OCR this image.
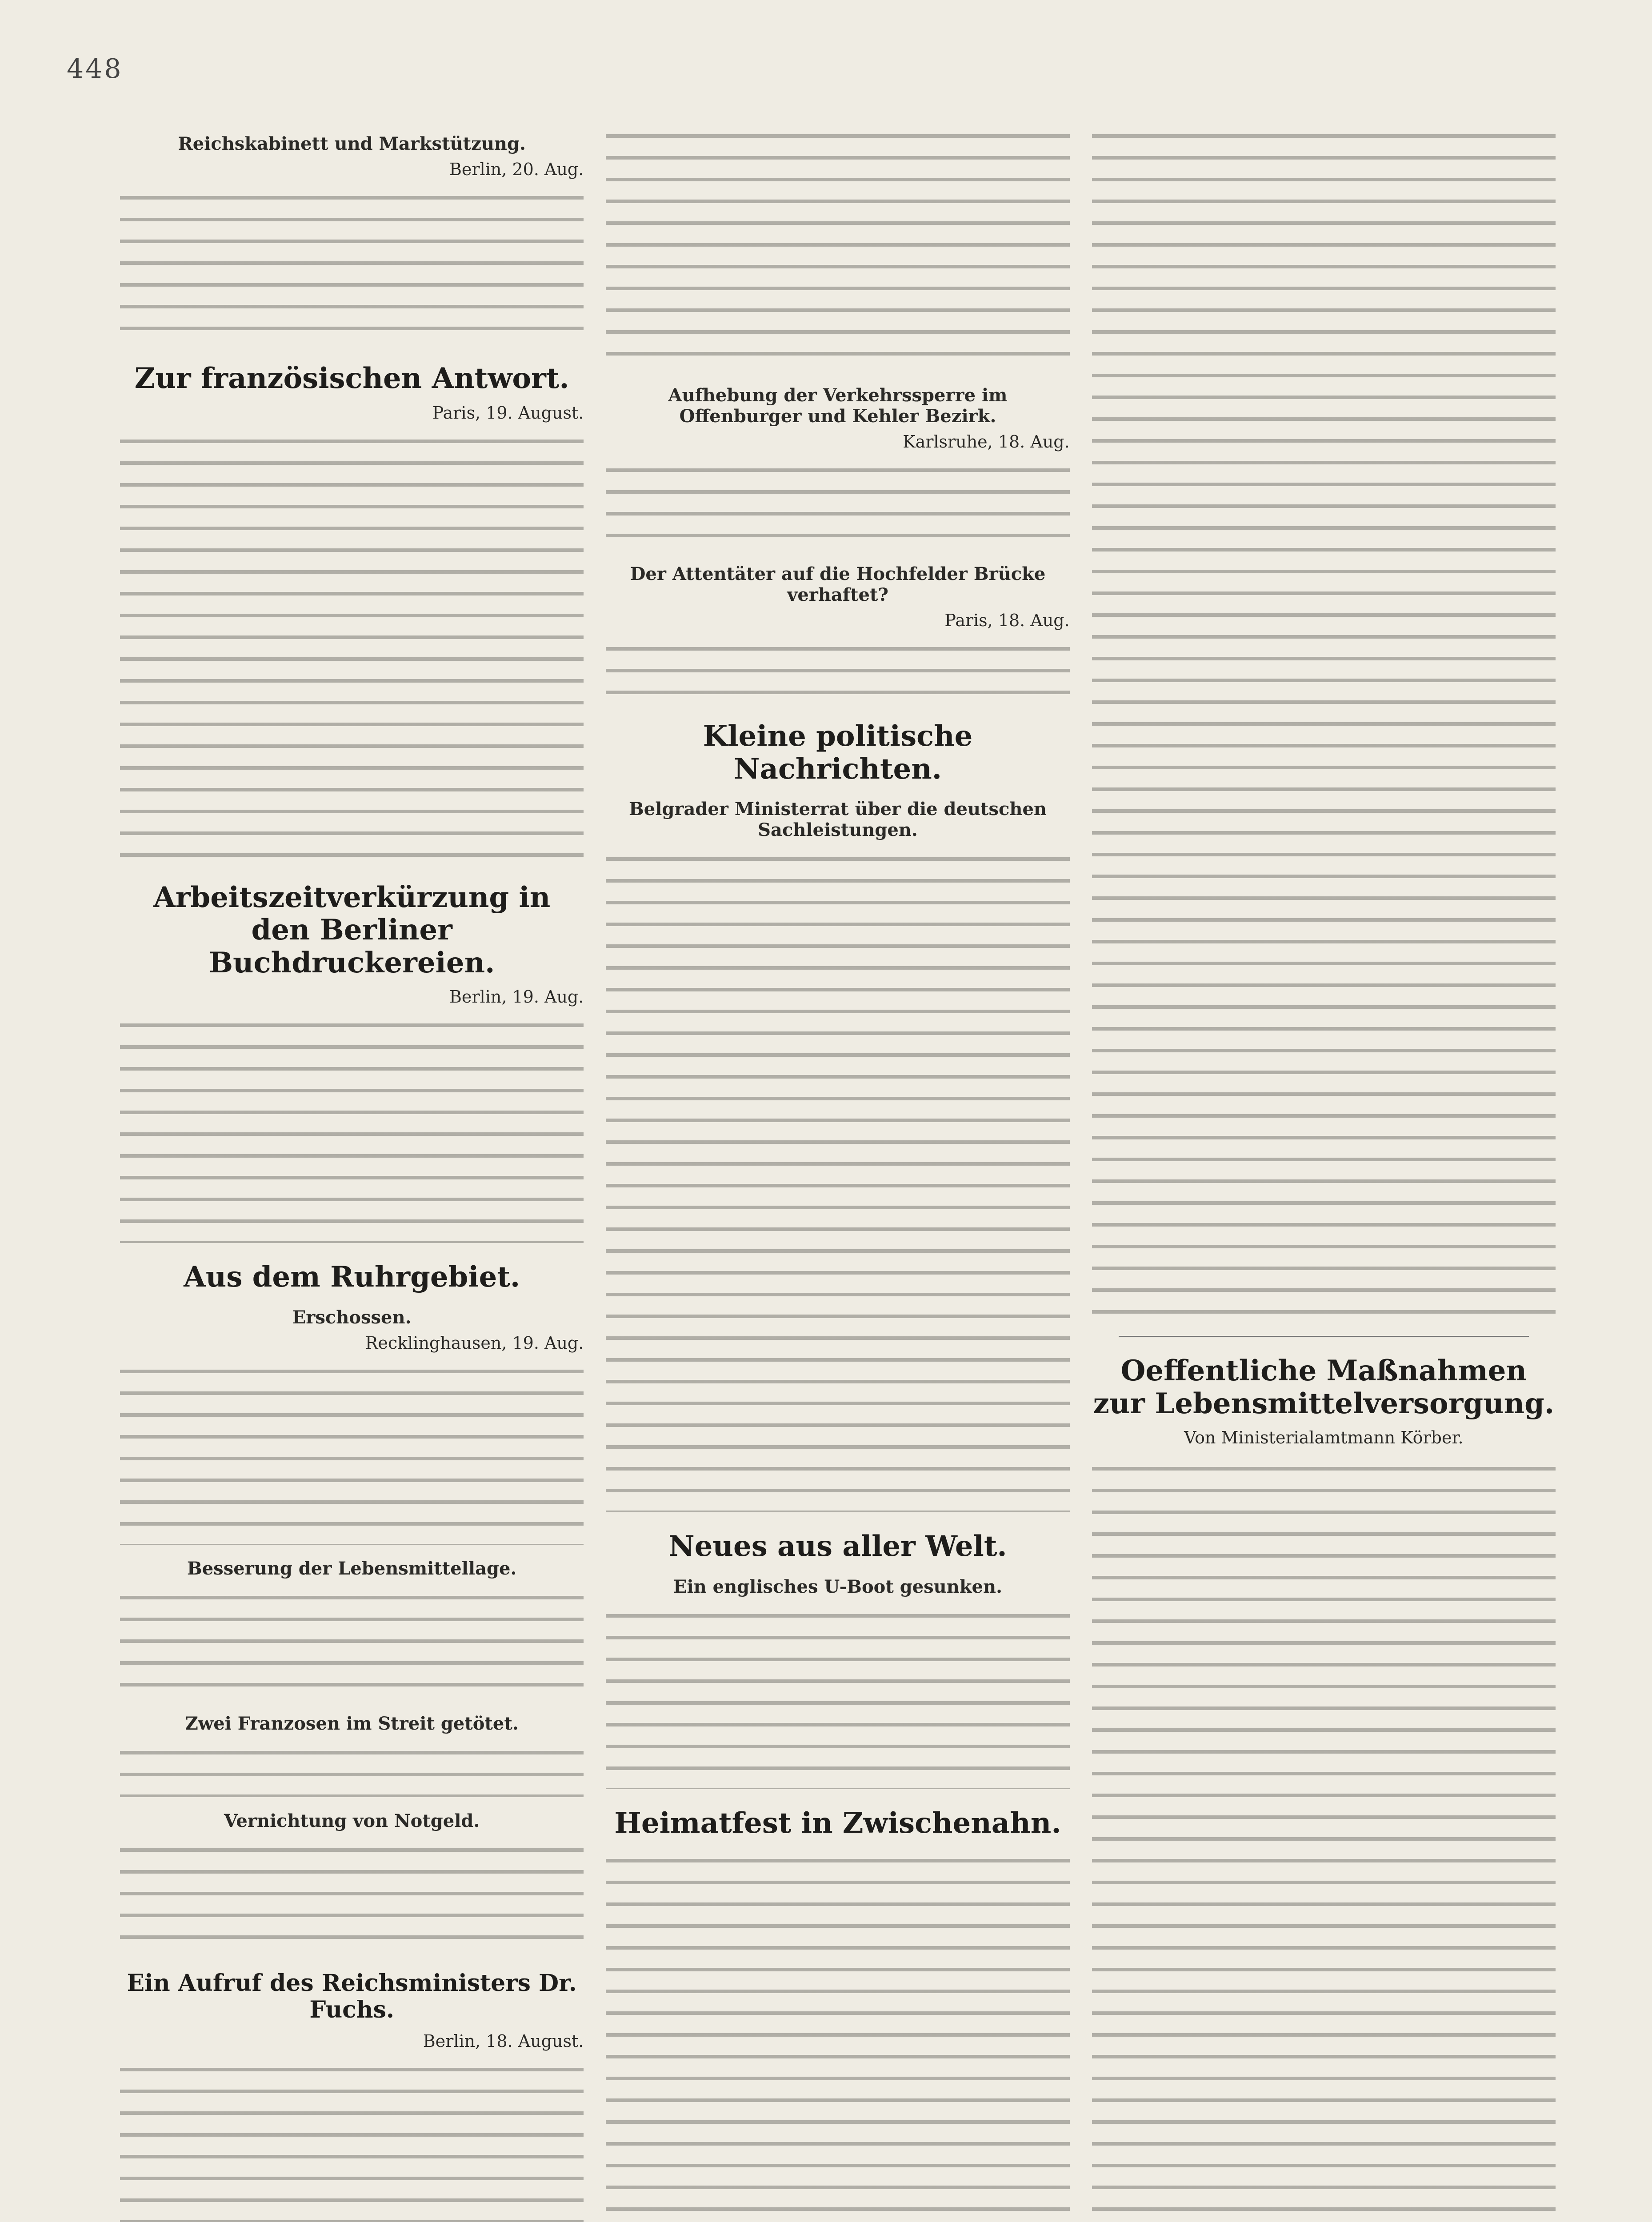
448
Reichskabinett und Markstützung.
Berlin, 20. Aug.
Zur französischen Antwort.
Paris, 19. August.
Arbeitszeitverkürzung in den Berliner Buchdruckereien.
Berlin, 19. Aug.
Aus dem Ruhrgebiet.
Erschossen.
Recklinghausen, 19. Aug.
Besserung der Lebensmittellage.
Zwei Franzosen im Streit getötet.
Vernichtung von Notgeld.
Ein Aufruf des Reichsministers Dr. Fuchs.
Berlin, 18. August.
Aufhebung der Verkehrssperre im Offenburger und Kehler Bezirk.
Karlsruhe, 18. Aug.
Der Attentäter auf die Hochfelder Brücke verhaftet?
Paris, 18. Aug.
Kleine politische Nachrichten.
Belgrader Ministerrat über die deutschen Sachleistungen.
Neues aus aller Welt.
Ein englisches U-Boot gesunken.
Heimatfest in Zwischenahn.
Oeffentliche Maßnahmen zur Lebensmittelversorgung.
Von Ministerialamtmann Körber.
